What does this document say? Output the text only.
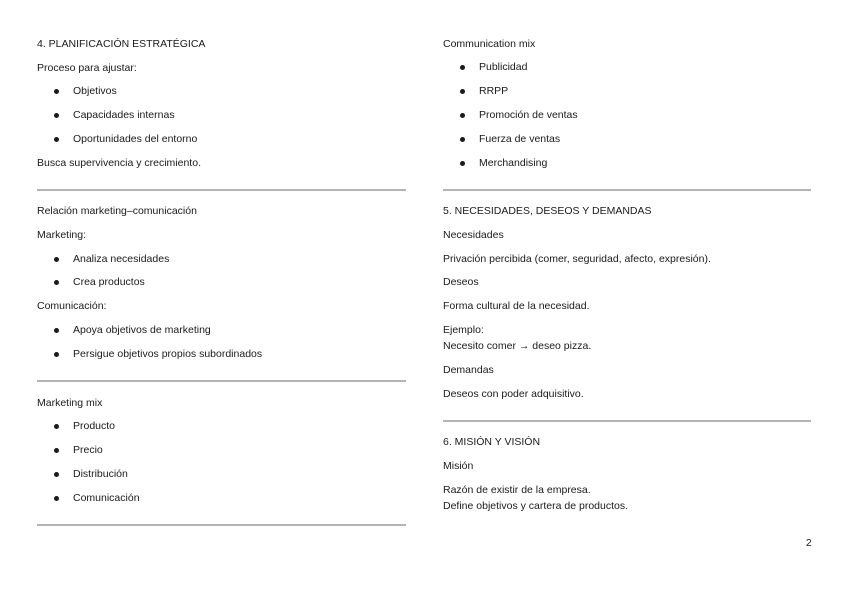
4. PLANIFICACIÓN ESTRATÉGICA
Proceso para ajustar:
Objetivos
Capacidades internas
Oportunidades del entorno
Busca supervivencia y crecimiento.
Relación marketing–comunicación
Marketing:
Analiza necesidades
Crea productos
Comunicación:
Apoya objetivos de marketing
Persigue objetivos propios subordinados
Marketing mix
Producto
Precio
Distribución
Comunicación
Communication mix
Publicidad
RRPP
Promoción de ventas
Fuerza de ventas
Merchandising
5. NECESIDADES, DESEOS Y DEMANDAS
Necesidades
Privación percibida (comer, seguridad, afecto, expresión).
Deseos
Forma cultural de la necesidad.
Ejemplo:
Necesito comer → deseo pizza.
Demandas
Deseos con poder adquisitivo.
6. MISIÓN Y VISIÓN
Misión
Razón de existir de la empresa.
Define objetivos y cartera de productos.
2
